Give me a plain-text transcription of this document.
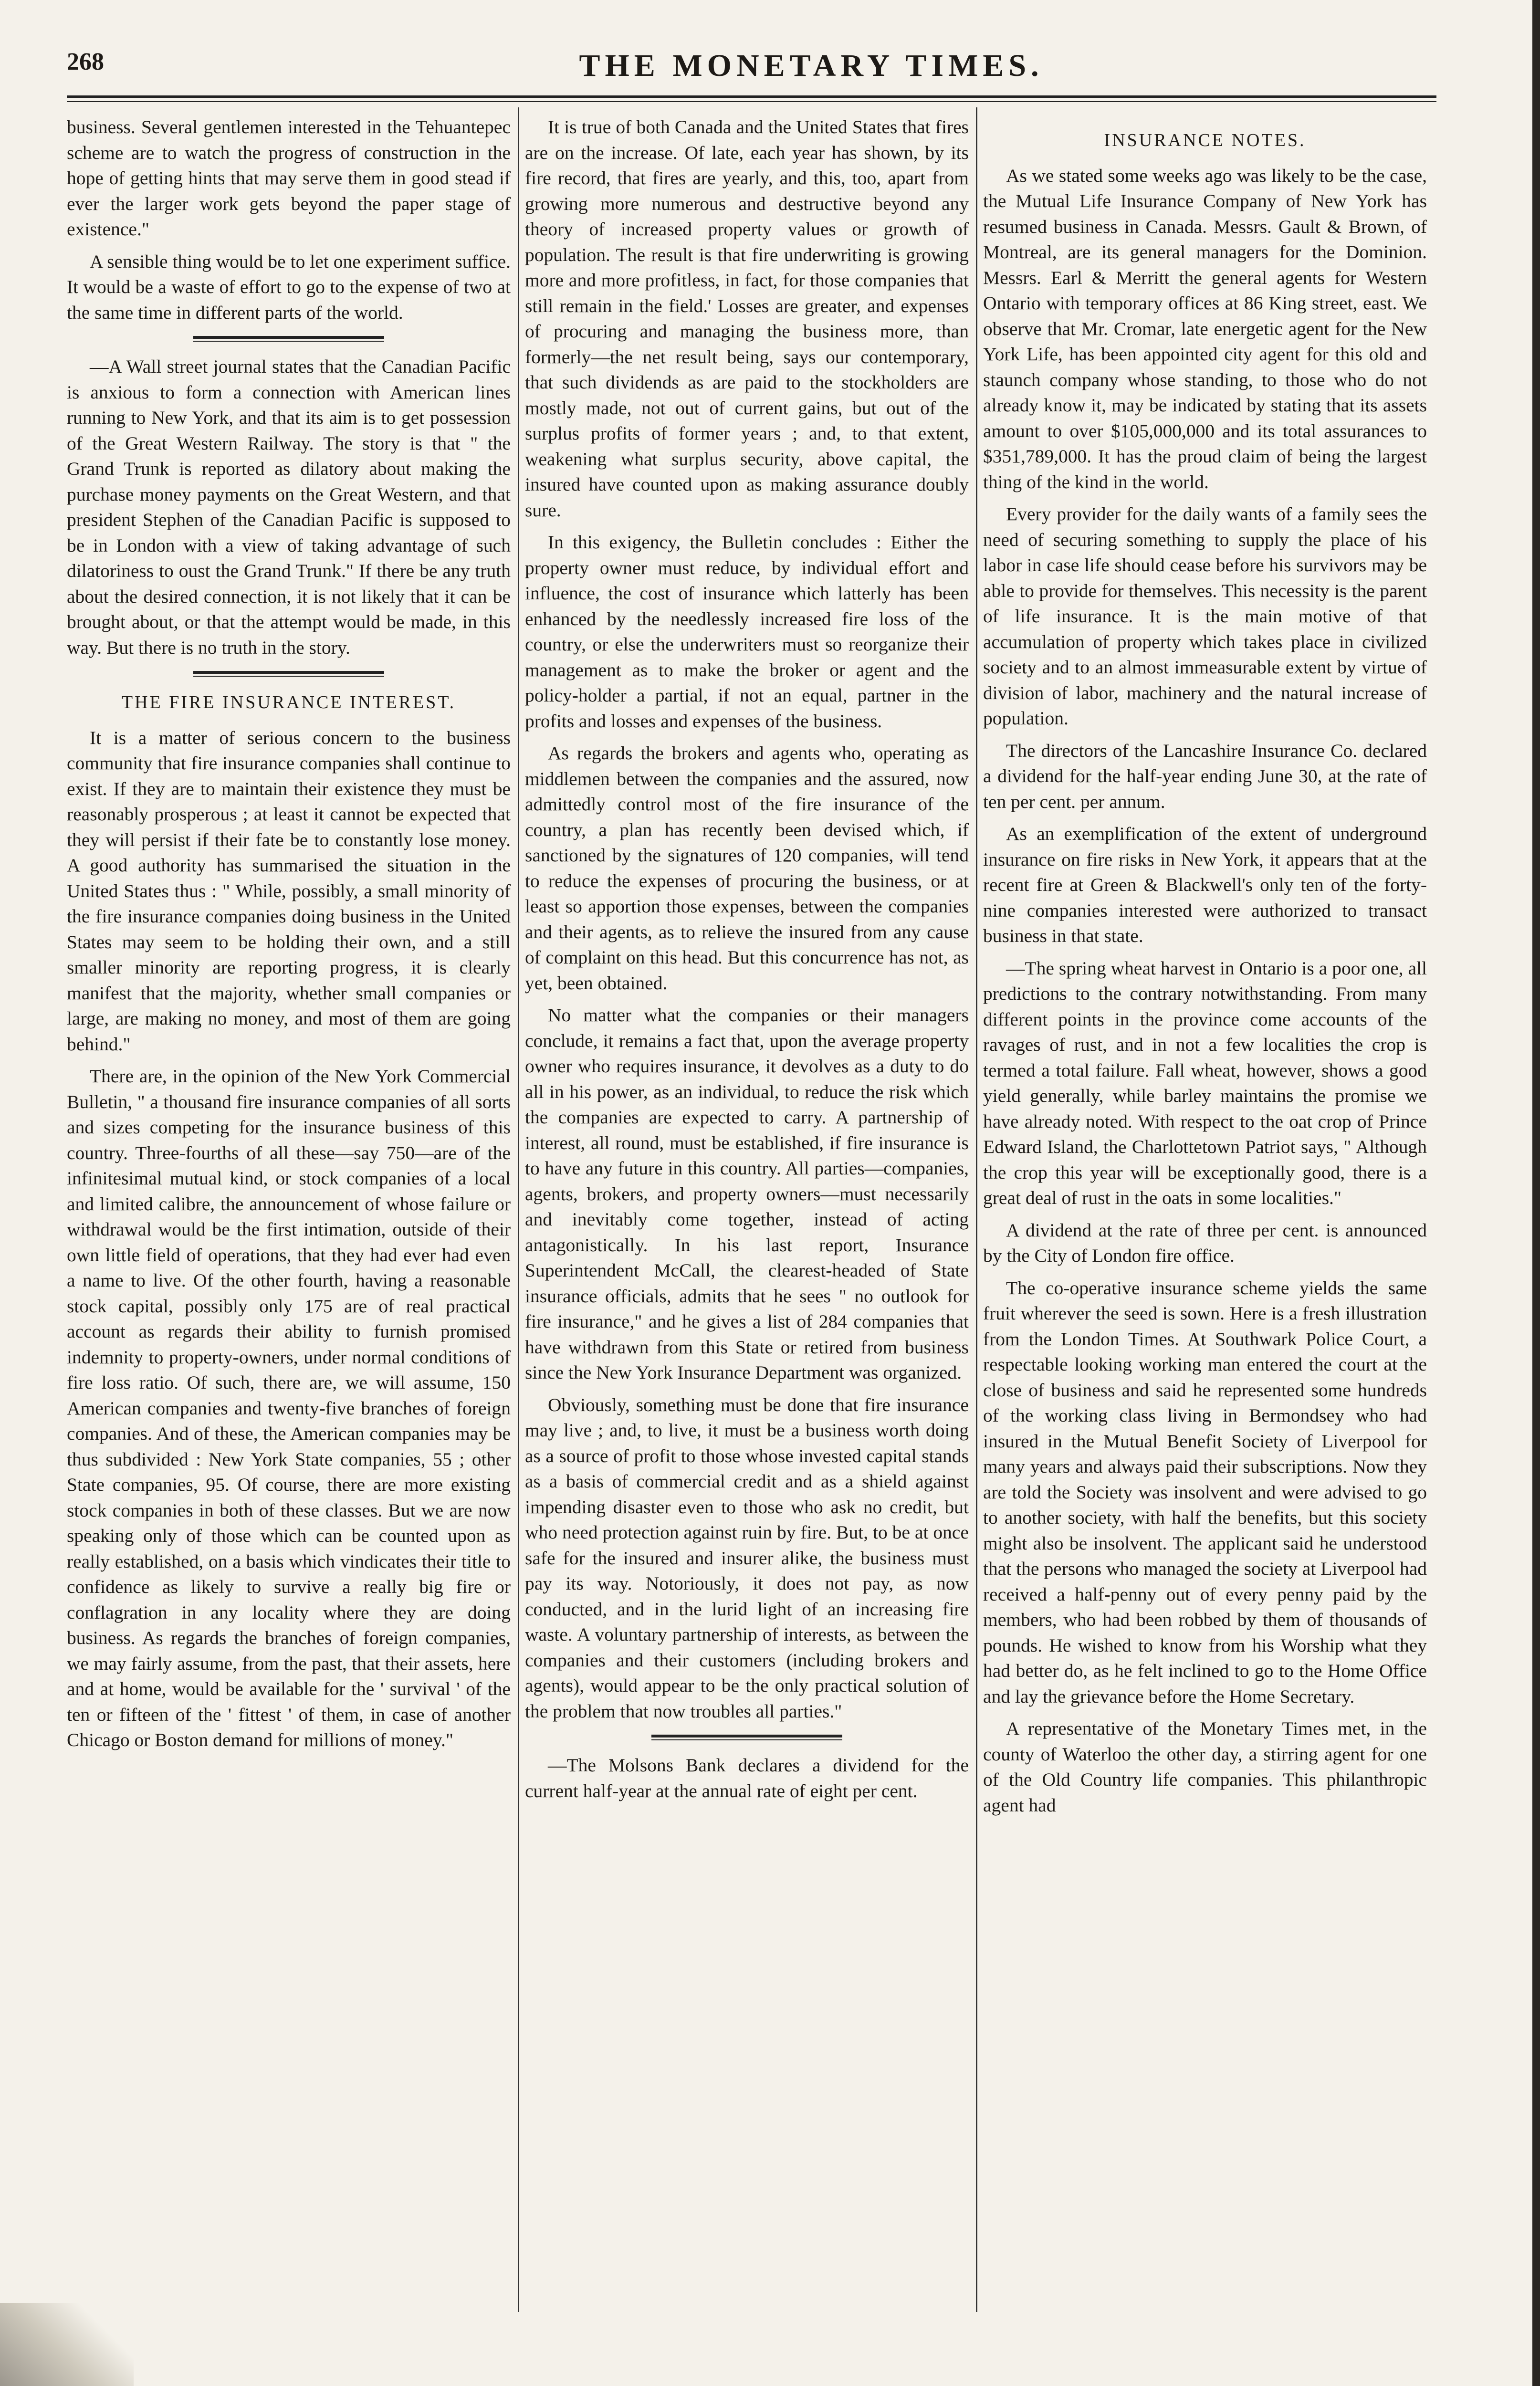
268	THE MONETARY TIMES.

business. Several gentlemen interested in the Tehuantepec scheme are to watch the progress of construction in the hope of getting hints that may serve them in good stead if ever the larger work gets beyond the paper stage of existence."

A sensible thing would be to let one experiment suffice. It would be a waste of effort to go to the expense of two at the same time in different parts of the world.

—A Wall street journal states that the Canadian Pacific is anxious to form a connection with American lines running to New York, and that its aim is to get possession of the Great Western Railway. The story is that " the Grand Trunk is reported as dilatory about making the purchase money payments on the Great Western, and that president Stephen of the Canadian Pacific is supposed to be in London with a view of taking advantage of such dilatoriness to oust the Grand Trunk." If there be any truth about the desired connection, it is not likely that it can be brought about, or that the attempt would be made, in this way. But there is no truth in the story.

THE FIRE INSURANCE INTEREST.

It is a matter of serious concern to the business community that fire insurance companies shall continue to exist. If they are to maintain their existence they must be reasonably prosperous ; at least it cannot be expected that they will persist if their fate be to constantly lose money. A good authority has summarised the situation in the United States thus : " While, possibly, a small minority of the fire insurance companies doing business in the United States may seem to be holding their own, and a still smaller minority are reporting progress, it is clearly manifest that the majority, whether small companies or large, are making no money, and most of them are going behind."

There are, in the opinion of the New York Commercial Bulletin, " a thousand fire insurance companies of all sorts and sizes competing for the insurance business of this country. Three-fourths of all these—say 750—are of the infinitesimal mutual kind, or stock companies of a local and limited calibre, the announcement of whose failure or withdrawal would be the first intimation, outside of their own little field of operations, that they had ever had even a name to live. Of the other fourth, having a reasonable stock capital, possibly only 175 are of real practical account as regards their ability to furnish promised indemnity to property-owners, under normal conditions of fire loss ratio. Of such, there are, we will assume, 150 American companies and twenty-five branches of foreign companies. And of these, the American companies may be thus subdivided : New York State companies, 55 ; other State companies, 95. Of course, there are more existing stock companies in both of these classes. But we are now speaking only of those which can be counted upon as really established, on a basis which vindicates their title to confidence as likely to survive a really big fire or conflagration in any locality where they are doing business. As regards the branches of foreign companies, we may fairly assume, from the past, that their assets, here and at home, would be available for the ' survival ' of the ten or fifteen of the ' fittest ' of them, in case of another Chicago or Boston demand for millions of money."

It is true of both Canada and the United States that fires are on the increase. Of late, each year has shown, by its fire record, that fires are yearly, and this, too, apart from growing more numerous and destructive beyond any theory of increased property values or growth of population. The result is that fire underwriting is growing more and more profitless, in fact, for those companies that still remain in the field.' Losses are greater, and expenses of procuring and managing the business more, than formerly—the net result being, says our contemporary, that such dividends as are paid to the stockholders are mostly made, not out of current gains, but out of the surplus profits of former years ; and, to that extent, weakening what surplus security, above capital, the insured have counted upon as making assurance doubly sure.

In this exigency, the Bulletin concludes : Either the property owner must reduce, by individual effort and influence, the cost of insurance which latterly has been enhanced by the needlessly increased fire loss of the country, or else the underwriters must so reorganize their management as to make the broker or agent and the policy-holder a partial, if not an equal, partner in the profits and losses and expenses of the business.

As regards the brokers and agents who, operating as middlemen between the companies and the assured, now admittedly control most of the fire insurance of the country, a plan has recently been devised which, if sanctioned by the signatures of 120 companies, will tend to reduce the expenses of procuring the business, or at least so apportion those expenses, between the companies and their agents, as to relieve the insured from any cause of complaint on this head. But this concurrence has not, as yet, been obtained.

No matter what the companies or their managers conclude, it remains a fact that, upon the average property owner who requires insurance, it devolves as a duty to do all in his power, as an individual, to reduce the risk which the companies are expected to carry. A partnership of interest, all round, must be established, if fire insurance is to have any future in this country. All parties—companies, agents, brokers, and property owners—must necessarily and inevitably come together, instead of acting antagonistically. In his last report, Insurance Superintendent McCall, the clearest-headed of State insurance officials, admits that he sees " no outlook for fire insurance," and he gives a list of 284 companies that have withdrawn from this State or retired from business since the New York Insurance Department was organized.

Obviously, something must be done that fire insurance may live ; and, to live, it must be a business worth doing as a source of profit to those whose invested capital stands as a basis of commercial credit and as a shield against impending disaster even to those who ask no credit, but who need protection against ruin by fire. But, to be at once safe for the insured and insurer alike, the business must pay its way. Notoriously, it does not pay, as now conducted, and in the lurid light of an increasing fire waste. A voluntary partnership of interests, as between the companies and their customers (including brokers and agents), would appear to be the only practical solution of the problem that now troubles all parties."

—The Molsons Bank declares a dividend for the current half-year at the annual rate of eight per cent.

INSURANCE NOTES.

As we stated some weeks ago was likely to be the case, the Mutual Life Insurance Company of New York has resumed business in Canada. Messrs. Gault & Brown, of Montreal, are its general managers for the Dominion. Messrs. Earl & Merritt the general agents for Western Ontario with temporary offices at 86 King street, east. We observe that Mr. Cromar, late energetic agent for the New York Life, has been appointed city agent for this old and staunch company whose standing, to those who do not already know it, may be indicated by stating that its assets amount to over $105,000,000 and its total assurances to $351,789,000. It has the proud claim of being the largest thing of the kind in the world.

Every provider for the daily wants of a family sees the need of securing something to supply the place of his labor in case life should cease before his survivors may be able to provide for themselves. This necessity is the parent of life insurance. It is the main motive of that accumulation of property which takes place in civilized society and to an almost immeasurable extent by virtue of division of labor, machinery and the natural increase of population.

The directors of the Lancashire Insurance Co. declared a dividend for the half-year ending June 30, at the rate of ten per cent. per annum.

As an exemplification of the extent of underground insurance on fire risks in New York, it appears that at the recent fire at Green & Blackwell's only ten of the forty-nine companies interested were authorized to transact business in that state.

—The spring wheat harvest in Ontario is a poor one, all predictions to the contrary notwithstanding. From many different points in the province come accounts of the ravages of rust, and in not a few localities the crop is termed a total failure. Fall wheat, however, shows a good yield generally, while barley maintains the promise we have already noted. With respect to the oat crop of Prince Edward Island, the Charlottetown Patriot says, " Although the crop this year will be exceptionally good, there is a great deal of rust in the oats in some localities."

A dividend at the rate of three per cent. is announced by the City of London fire office.

The co-operative insurance scheme yields the same fruit wherever the seed is sown. Here is a fresh illustration from the London Times. At Southwark Police Court, a respectable looking working man entered the court at the close of business and said he represented some hundreds of the working class living in Bermondsey who had insured in the Mutual Benefit Society of Liverpool for many years and always paid their subscriptions. Now they are told the Society was insolvent and were advised to go to another society, with half the benefits, but this society might also be insolvent. The applicant said he understood that the persons who managed the society at Liverpool had received a half-penny out of every penny paid by the members, who had been robbed by them of thousands of pounds. He wished to know from his Worship what they had better do, as he felt inclined to go to the Home Office and lay the grievance before the Home Secretary.

A representative of the Monetary Times met, in the county of Waterloo the other day, a stirring agent for one of the Old Country life companies. This philanthropic agent had
